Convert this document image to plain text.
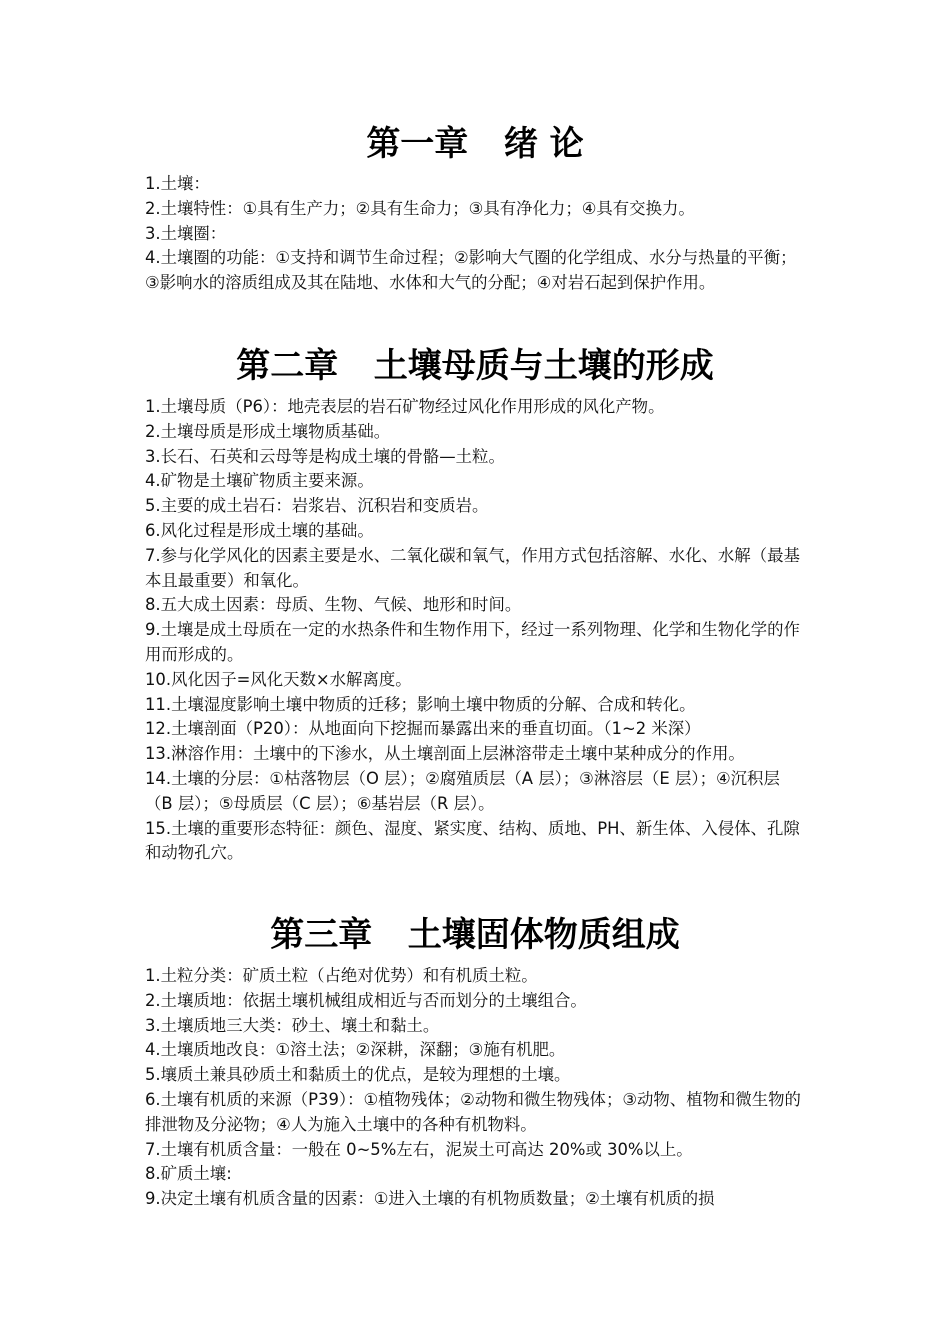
第一章   绪 论

1.土壤：

2.土壤特性：①具有生产力；②具有生命力；③具有净化力；④具有交换力。

3.土壤圈：

4.土壤圈的功能：①支持和调节生命过程；②影响大气圈的化学组成、水分与热量的平衡；③影响水的溶质组成及其在陆地、水体和大气的分配；④对岩石起到保护作用。

第二章   土壤母质与土壤的形成

1.土壤母质（P6）：地壳表层的岩石矿物经过风化作用形成的风化产物。

2.土壤母质是形成土壤物质基础。

3.长石、石英和云母等是构成土壤的骨骼—土粒。

4.矿物是土壤矿物质主要来源。

5.主要的成土岩石：岩浆岩、沉积岩和变质岩。

6.风化过程是形成土壤的基础。

7.参与化学风化的因素主要是水、二氧化碳和氧气，作用方式包括溶解、水化、水解（最基本且最重要）和氧化。

8.五大成土因素：母质、生物、气候、地形和时间。

9.土壤是成土母质在一定的水热条件和生物作用下，经过一系列物理、化学和生物化学的作用而形成的。

10.风化因子=风化天数×水解离度。

11.土壤湿度影响土壤中物质的迁移；影响土壤中物质的分解、合成和转化。

12.土壤剖面（P20）：从地面向下挖掘而暴露出来的垂直切面。（1~2 米深）

13.淋溶作用：土壤中的下渗水，从土壤剖面上层淋溶带走土壤中某种成分的作用。

14.土壤的分层：①枯落物层（O 层）；②腐殖质层（A 层）；③淋溶层（E 层）；④沉积层（B 层）；⑤母质层（C 层）；⑥基岩层（R 层）。

15.土壤的重要形态特征：颜色、湿度、紧实度、结构、质地、PH、新生体、入侵体、孔隙和动物孔穴。

第三章   土壤固体物质组成

1.土粒分类：矿质土粒（占绝对优势）和有机质土粒。

2.土壤质地：依据土壤机械组成相近与否而划分的土壤组合。

3.土壤质地三大类：砂土、壤土和黏土。

4.土壤质地改良：①溶土法；②深耕，深翻；③施有机肥。

5.壤质土兼具砂质土和黏质土的优点，是较为理想的土壤。

6.土壤有机质的来源（P39）：①植物残体；②动物和微生物残体；③动物、植物和微生物的排泄物及分泌物；④人为施入土壤中的各种有机物料。

7.土壤有机质含量：一般在 0~5%左右，泥炭土可高达 20%或 30%以上。

8.矿质土壤:

9.决定土壤有机质含量的因素：①进入土壤的有机物质数量；②土壤有机质的损
